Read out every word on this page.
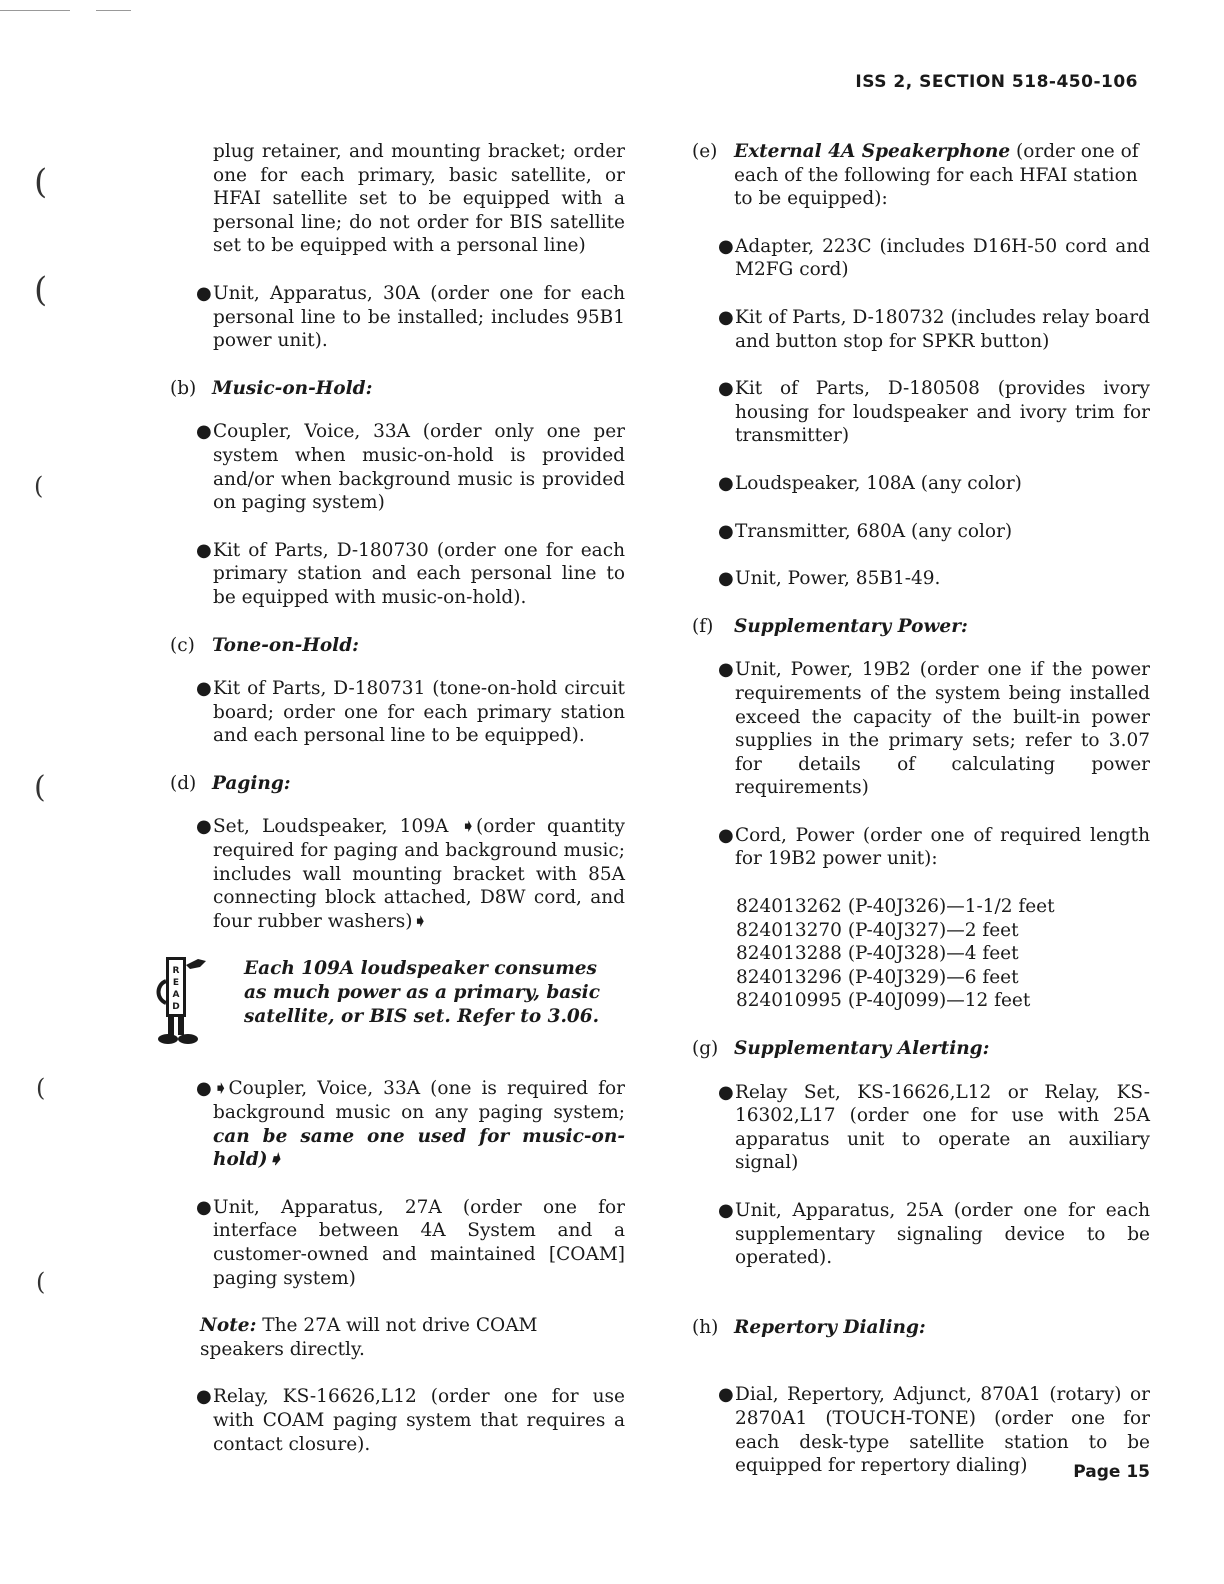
ISS 2, SECTION 518-450-106
(
(
(
(
(
(

plug retainer, and mounting bracket; order one for each primary, basic satellite, or HFAI satellite set to be equipped with a personal line; do not order for BIS satellite set to be equipped with a personal line)

● Unit, Apparatus, 30A (order one for each personal line to be installed; includes 95B1 power unit).

(b) Music-on-Hold:

● Coupler, Voice, 33A (order only one per system when music-on-hold is provided and/or when background music is provided on paging system)

● Kit of Parts, D-180730 (order one for each primary station and each personal line to be equipped with music-on-hold).

(c) Tone-on-Hold:

● Kit of Parts, D-180731 (tone-on-hold circuit board; order one for each primary station and each personal line to be equipped).

(d) Paging:

● Set, Loudspeaker, 109A ➧(order quantity required for paging and background music; includes wall mounting bracket with 85A connecting block attached, D8W cord, and four rubber washers)➧

R
E
A
D
Each 109A loudspeaker consumes as much power as a primary, basic satellite, or BIS set. Refer to 3.06.

● ➧Coupler, Voice, 33A (one is required for background music on any paging system; can be same one used for music-on-hold)➧

● Unit, Apparatus, 27A (order one for interface between 4A System and a customer-owned and maintained [COAM] paging system)

Note: The 27A will not drive COAM speakers directly.

● Relay, KS-16626,L12 (order one for use with COAM paging system that requires a contact closure).

(e) External 4A Speakerphone (order one of each of the following for each HFAI station to be equipped):

● Adapter, 223C (includes D16H-50 cord and M2FG cord)

● Kit of Parts, D-180732 (includes relay board and button stop for SPKR button)

● Kit of Parts, D-180508 (provides ivory housing for loudspeaker and ivory trim for transmitter)

● Loudspeaker, 108A (any color)

● Transmitter, 680A (any color)

● Unit, Power, 85B1-49.

(f) Supplementary Power:

● Unit, Power, 19B2 (order one if the power requirements of the system being installed exceed the capacity of the built-in power supplies in the primary sets; refer to 3.07 for details of calculating power requirements)

● Cord, Power (order one of required length for 19B2 power unit):

824013262 (P-40J326)—1-1/2 feet
824013270 (P-40J327)—2 feet
824013288 (P-40J328)—4 feet
824013296 (P-40J329)—6 feet
824010995 (P-40J099)—12 feet

(g) Supplementary Alerting:

● Relay Set, KS-16626,L12 or Relay, KS-16302,L17 (order one for use with 25A apparatus unit to operate an auxiliary signal)

● Unit, Apparatus, 25A (order one for each supplementary signaling device to be operated).

(h) Repertory Dialing:

● Dial, Repertory, Adjunct, 870A1 (rotary) or 2870A1 (TOUCH-TONE) (order one for each desk-type satellite station to be equipped for repertory dialing)	Page 15
